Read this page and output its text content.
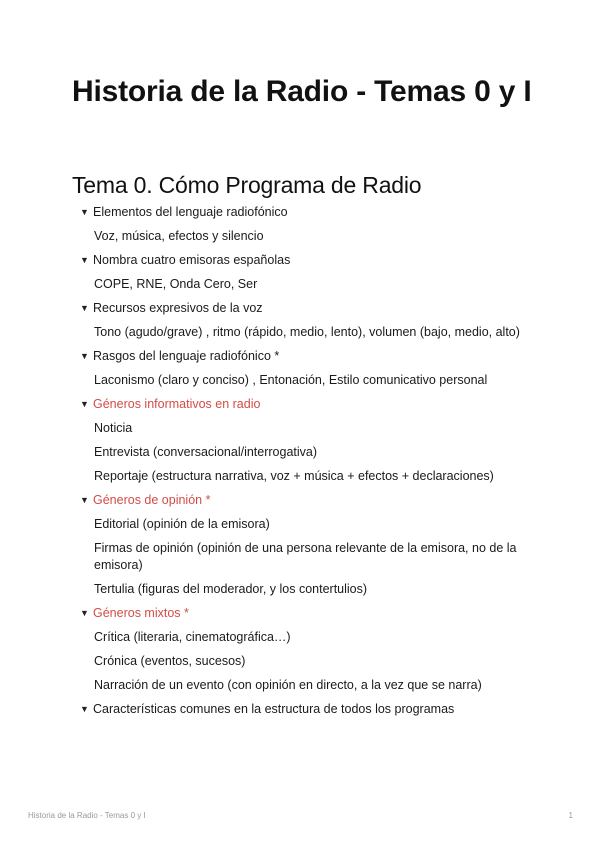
Historia de la Radio - Temas 0 y I
Tema 0. Cómo Programa de Radio
▼ Elementos del lenguaje radiofónico
Voz, música, efectos y silencio
▼ Nombra cuatro emisoras españolas
COPE, RNE, Onda Cero, Ser
▼ Recursos expresivos de la voz
Tono (agudo/grave) , ritmo (rápido, medio, lento), volumen (bajo, medio, alto)
▼ Rasgos del lenguaje radiofónico *
Laconismo (claro y conciso) , Entonación, Estilo comunicativo personal
▼ Géneros informativos en radio
Noticia
Entrevista (conversacional/interrogativa)
Reportaje (estructura narrativa, voz + música + efectos + declaraciones)
▼ Géneros de opinión *
Editorial (opinión de la emisora)
Firmas de opinión (opinión de una persona relevante de la emisora, no de la emisora)
Tertulia (figuras del moderador, y los contertulios)
▼ Géneros mixtos *
Crítica (literaria, cinematográfica…)
Crónica (eventos, sucesos)
Narración de un evento (con opinión en directo, a la vez que se narra)
▼ Características comunes en la estructura de todos los programas
Historia de la Radio - Temas 0 y I	1
